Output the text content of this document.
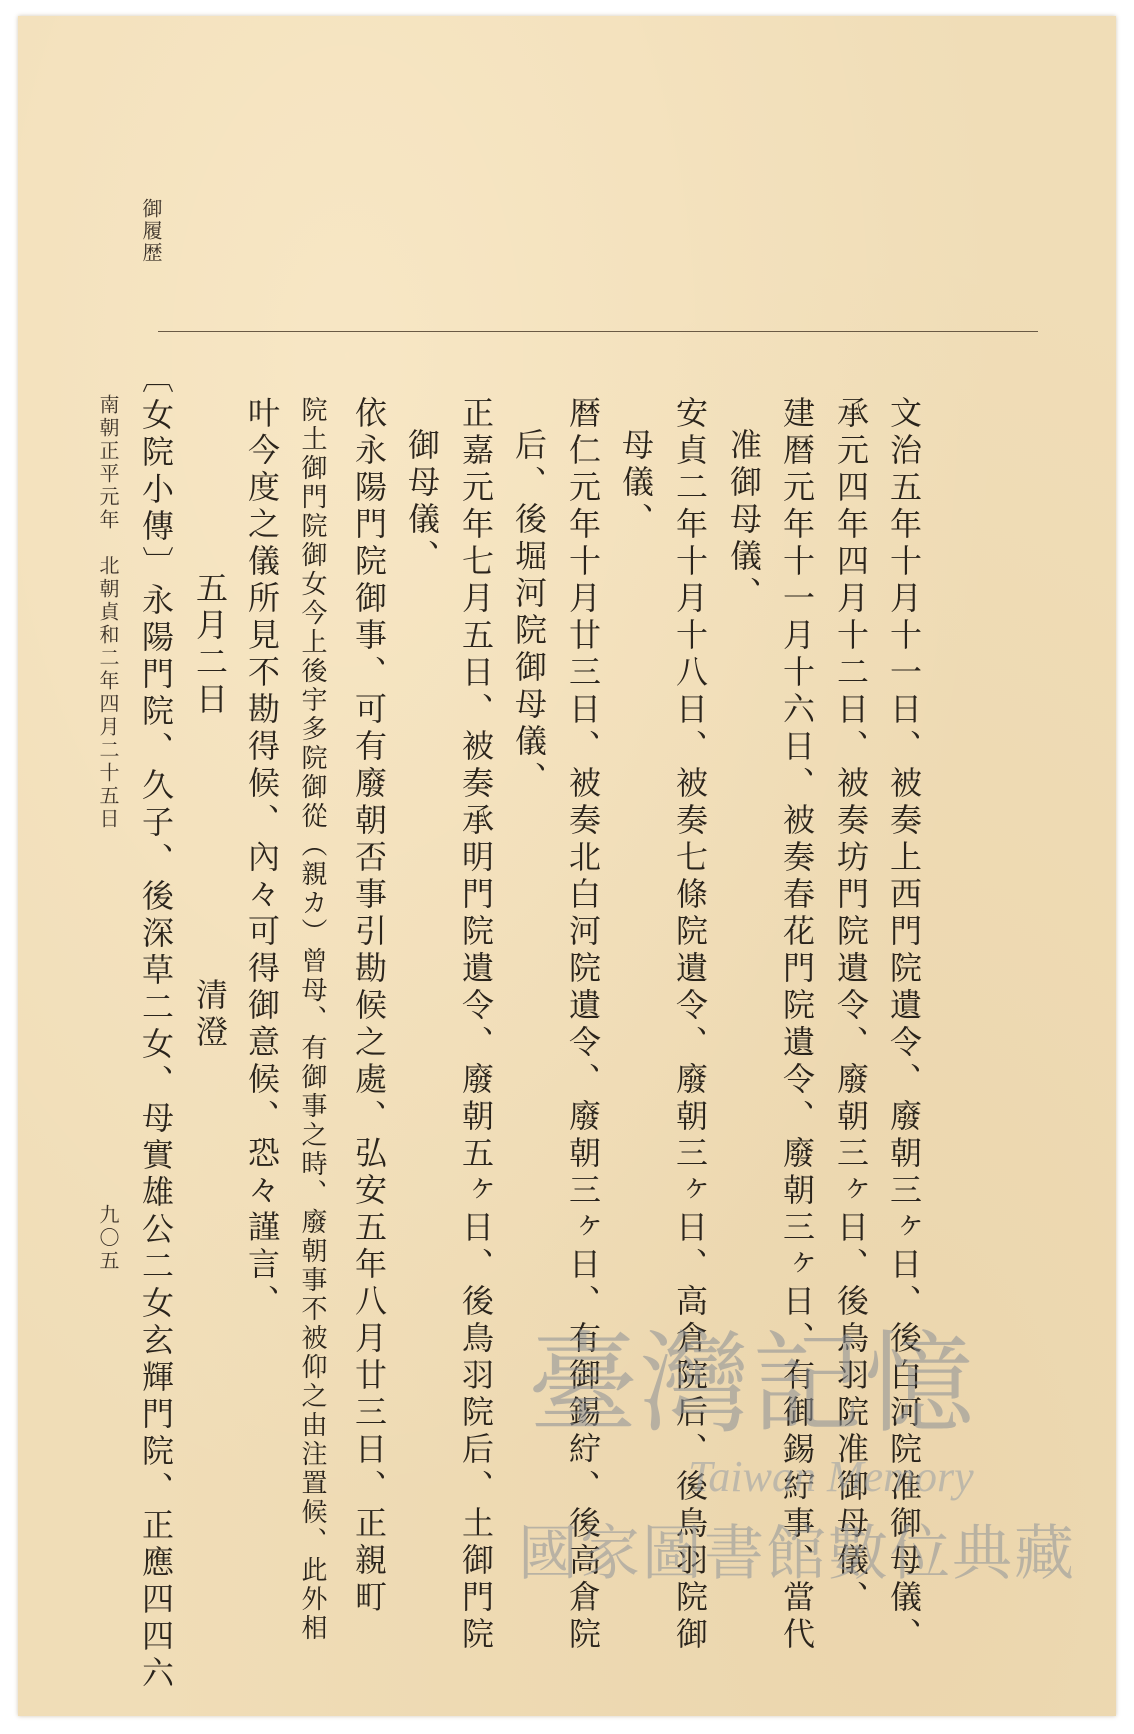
御履歴
文治五年十月十一日、被奏上西門院遺令、廢朝三ヶ日、後白河院准御母儀、
承元四年四月十二日、被奏坊門院遺令、廢朝三ヶ日、後鳥羽院准御母儀、
建暦元年十一月十六日、被奏春花門院遺令、廢朝三ヶ日、有御錫紵事、當代
准御母儀、
安貞二年十月十八日、被奏七條院遺令、廢朝三ヶ日、高倉院后、後鳥羽院御
母儀、
暦仁元年十月廿三日、被奏北白河院遺令、廢朝三ヶ日、有御錫紵、後高倉院
后、後堀河院御母儀、
正嘉元年七月五日、被奏承明門院遺令、廢朝五ヶ日、後鳥羽院后、土御門院
御母儀、
依永陽門院御事、可有廢朝否事引勘候之處、弘安五年八月廿三日、正親町
院土御門院御女今上後宇多院御從（親カ）曾母、有御事之時、廢朝事不被仰之由注置候、此外相
叶今度之儀所見不勘得候、內々可得御意候、恐々謹言、
五月二日　　　　　　　清澄
〔女院小傳〕永陽門院、久子、後深草二女、母實雄公二女玄輝門院、正應四四六
南朝正平元年　北朝貞和二年四月二十五日
九〇五
臺灣記憶
Taiwan Memory
國家圖書館數位典藏
